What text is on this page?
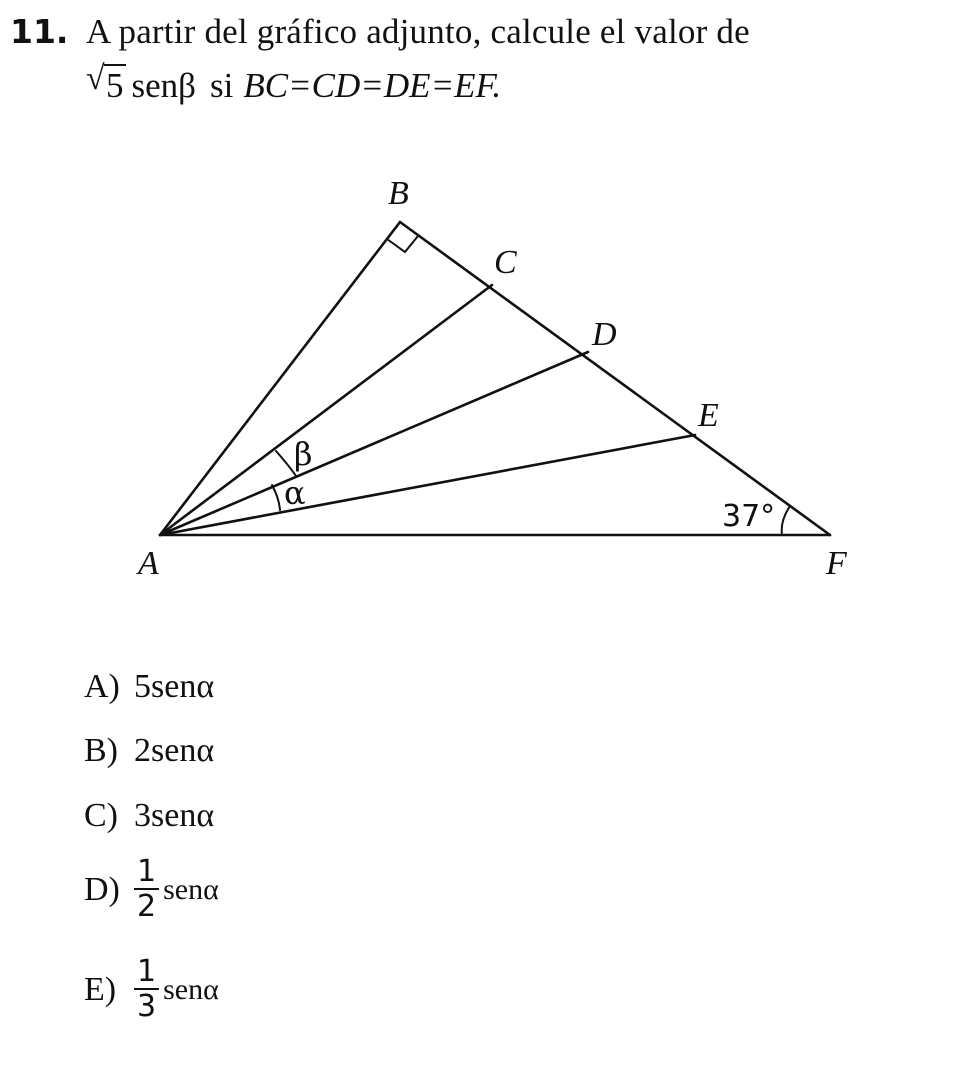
11. A partir del gráfico adjunto, calcule el valor de
√ 5 senβ si BC=CD=DE=EF.
B
C
D
E
A	F
β
α
37°
A) 5senα
B) 2senα
C) 3senα
$D) \frac{1}{2}$ senα
$E) \frac{1}{3}$ senα
